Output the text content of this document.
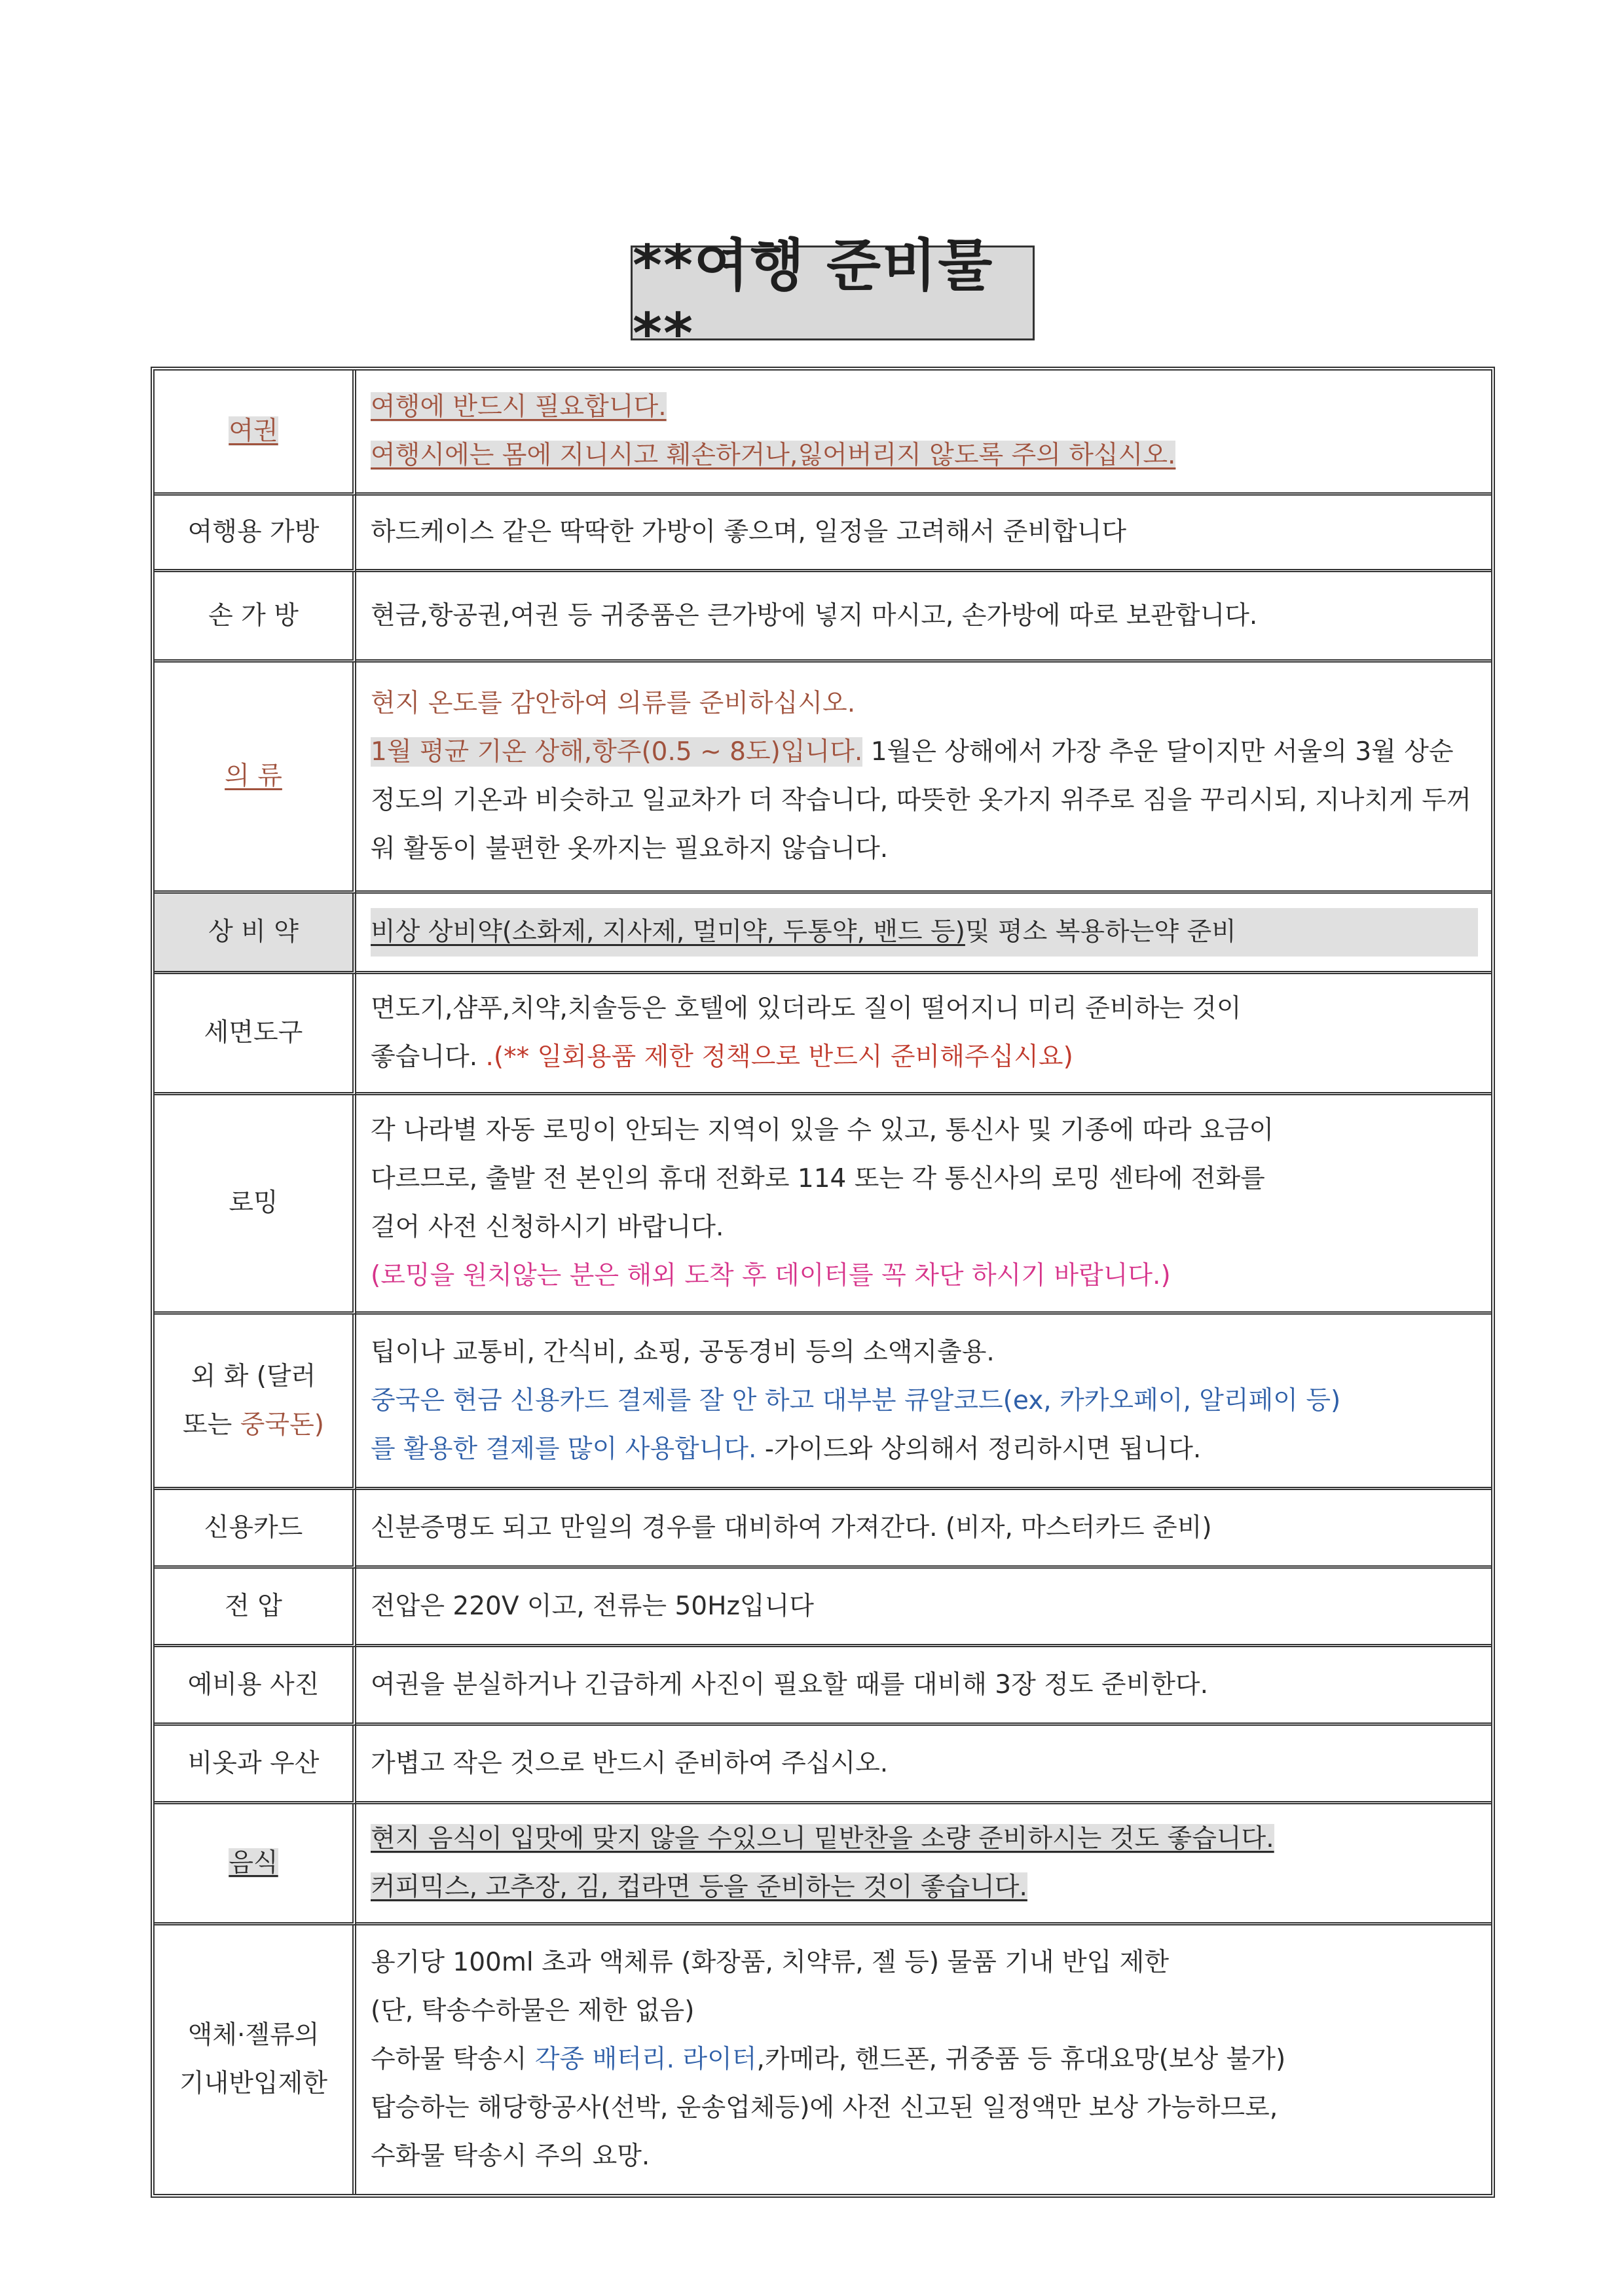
**여행 준비물**
여권	여행에 반드시 필요합니다.
여행시에는 몸에 지니시고 훼손하거나,잃어버리지 않도록 주의 하십시오.

여행용 가방	하드케이스 같은 딱딱한 가방이 좋으며, 일정을 고려해서 준비합니다

손 가 방	현금,항공권,여권 등 귀중품은 큰가방에 넣지 마시고, 손가방에 따로 보관합니다.

의 류	현지 온도를 감안하여 의류를 준비하십시오.
1월 평균 기온 상해,항주(0.5 ~ 8도)입니다. 1월은 상해에서 가장 추운 달이지만 서울의 3월 상순 정도의 기온과 비슷하고 일교차가 더 작습니다, 따뜻한 옷가지 위주로 짐을 꾸리시되, 지나치게 두꺼워 활동이 불편한 옷까지는 필요하지 않습니다.

상 비 약	비상 상비약(소화제, 지사제, 멀미약, 두통약, 밴드 등)및 평소 복용하는약 준비

세면도구	면도기,샴푸,치약,치솔등은 호텔에 있더라도 질이 떨어지니 미리 준비하는 것이
좋습니다. .(** 일회용품 제한 정책으로 반드시 준비해주십시요)

로밍	각 나라별 자동 로밍이 안되는 지역이 있을 수 있고, 통신사 및 기종에 따라 요금이
다르므로, 출발 전 본인의 휴대 전화로 114 또는 각 통신사의 로밍 센타에 전화를
걸어 사전 신청하시기 바랍니다.
(로밍을 원치않는 분은 해외 도착 후 데이터를 꼭 차단 하시기 바랍니다.)

외 화 (달러
또는 중국돈)	팁이나 교통비, 간식비, 쇼핑, 공동경비 등의 소액지출용.
중국은 현금 신용카드 결제를 잘 안 하고 대부분 큐알코드(ex, 카카오페이, 알리페이 등)
를 활용한 결제를 많이 사용합니다. -가이드와 상의해서 정리하시면 됩니다.

신용카드	신분증명도 되고 만일의 경우를 대비하여 가져간다. (비자, 마스터카드 준비)

전 압	전압은 220V 이고, 전류는 50Hz입니다

예비용 사진	여권을 분실하거나 긴급하게 사진이 필요할 때를 대비해 3장 정도 준비한다.

비옷과 우산	가볍고 작은 것으로 반드시 준비하여 주십시오.

음식	현지 음식이 입맛에 맞지 않을 수있으니 밑반찬을 소량 준비하시는 것도 좋습니다.
커피믹스, 고추장, 김, 컵라면 등을 준비하는 것이 좋습니다.

액체·젤류의
기내반입제한	용기당 100ml 초과 액체류 (화장품, 치약류, 젤 등) 물품 기내 반입 제한
(단, 탁송수하물은 제한 없음)
수하물 탁송시 각종 배터리. 라이터,카메라, 핸드폰, 귀중품 등 휴대요망(보상 불가)
탑승하는 해당항공사(선박, 운송업체등)에 사전 신고된 일정액만 보상 가능하므로,
수화물 탁송시 주의 요망.
